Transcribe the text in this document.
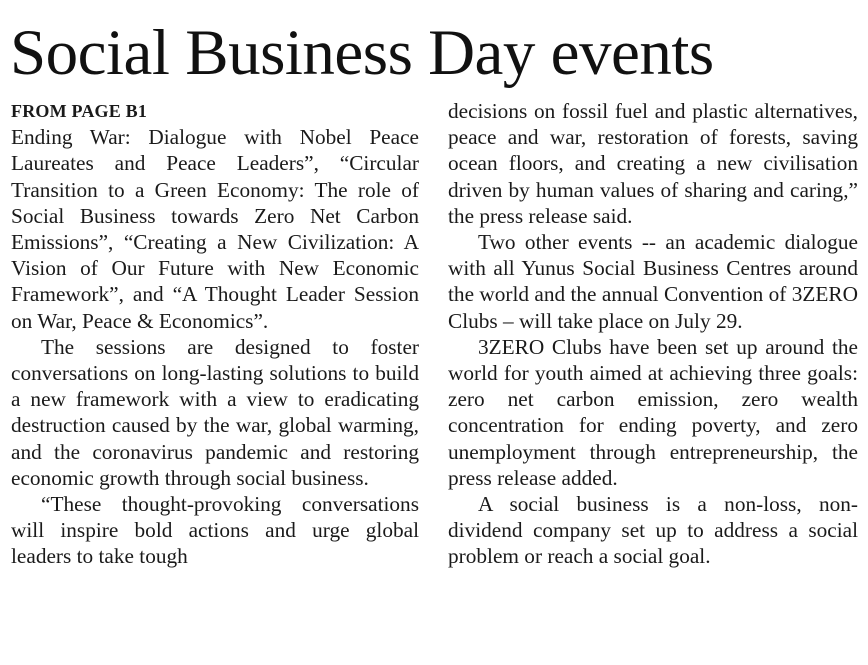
Social Business Day events
FROM PAGE B1

Ending War: Dialogue with Nobel Peace Laureates and Peace Leaders”, “Circular Transition to a Green Economy: The role of Social Business towards Zero Net Carbon Emissions”, “Creating a New Civilization: A Vision of Our Future with New Economic Framework”, and “A Thought Leader Session on War, Peace & Economics”.

The sessions are designed to foster conversations on long-lasting solutions to build a new framework with a view to eradicating destruction caused by the war, global warming, and the coronavirus pandemic and restoring economic growth through social business.

“These thought-provoking conversations will inspire bold actions and urge global leaders to take tough

decisions on fossil fuel and plastic alternatives, peace and war, restoration of forests, saving ocean floors, and creating a new civilisation driven by human values of sharing and caring,” the press release said.

Two other events -- an academic dialogue with all Yunus Social Business Centres around the world and the annual Convention of 3ZERO Clubs – will take place on July 29.

3ZERO Clubs have been set up around the world for youth aimed at achieving three goals: zero net carbon emission, zero wealth concentration for ending poverty, and zero unemployment through entrepreneurship, the press release added.

A social business is a non-loss, non-dividend company set up to address a social problem or reach a social goal.
